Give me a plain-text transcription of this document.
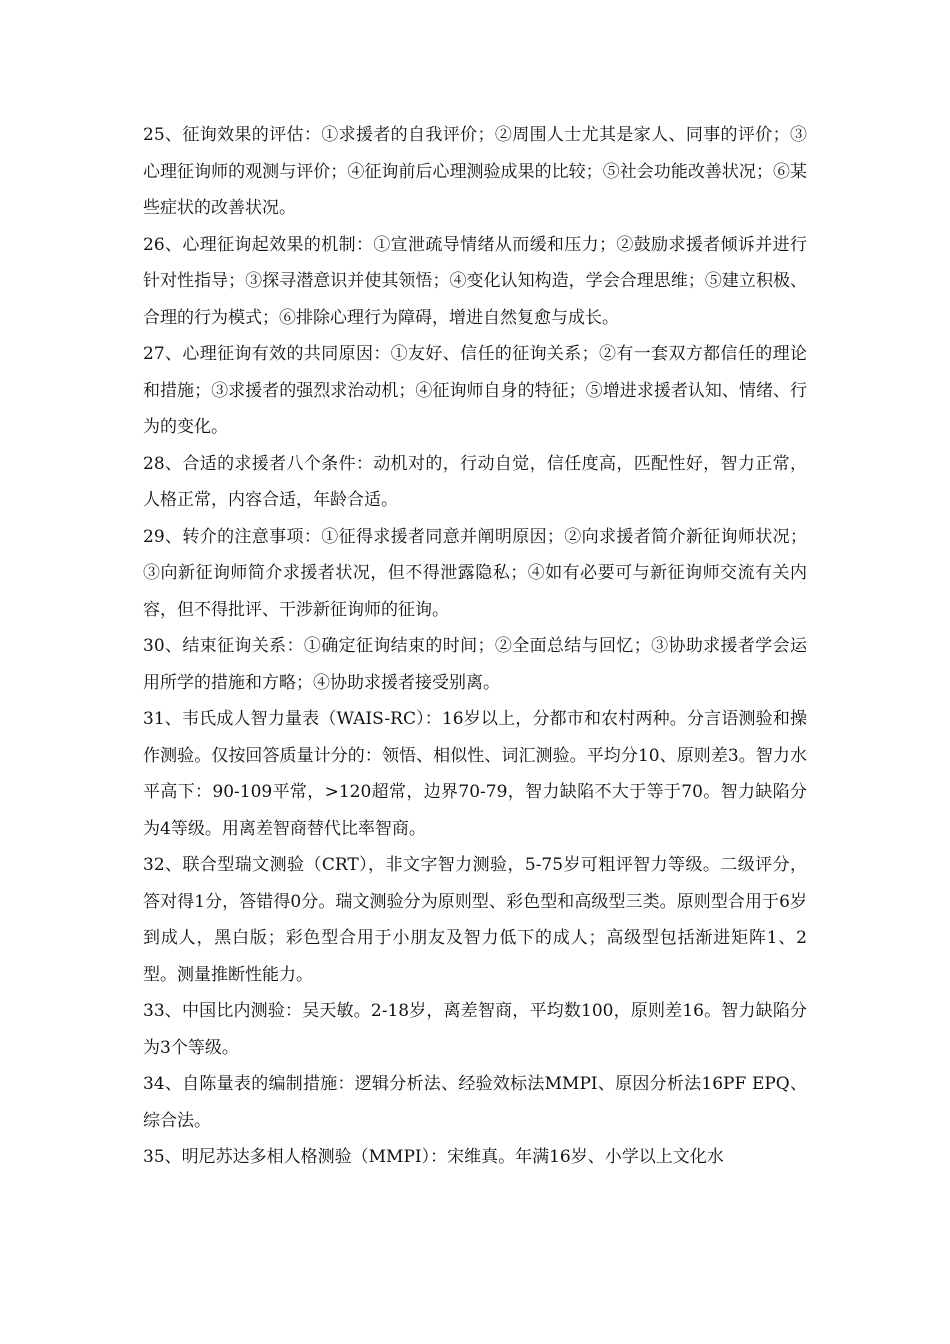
25、征询效果的评估：①求援者的自我评价；②周围人士尤其是家人、同事的评价；③心理征询师的观测与评价；④征询前后心理测验成果的比较；⑤社会功能改善状况；⑥某些症状的改善状况。

26、心理征询起效果的机制：①宣泄疏导情绪从而缓和压力；②鼓励求援者倾诉并进行针对性指导；③探寻潜意识并使其领悟；④变化认知构造，学会合理思维；⑤建立积极、合理的行为模式；⑥排除心理行为障碍，增进自然复愈与成长。

27、心理征询有效的共同原因：①友好、信任的征询关系；②有一套双方都信任的理论和措施；③求援者的强烈求治动机；④征询师自身的特征；⑤增进求援者认知、情绪、行为的变化。

28、合适的求援者八个条件：动机对的，行动自觉，信任度高，匹配性好，智力正常，人格正常，内容合适，年龄合适。

29、转介的注意事项：①征得求援者同意并阐明原因；②向求援者简介新征询师状况；③向新征询师简介求援者状况，但不得泄露隐私；④如有必要可与新征询师交流有关内容，但不得批评、干涉新征询师的征询。

30、结束征询关系：①确定征询结束的时间；②全面总结与回忆；③协助求援者学会运用所学的措施和方略；④协助求援者接受别离。

31、韦氏成人智力量表（WAIS-RC）：16岁以上，分都市和农村两种。分言语测验和操作测验。仅按回答质量计分的：领悟、相似性、词汇测验。平均分10、原则差3。智力水平高下：90-109平常，>120超常，边界70-79，智力缺陷不大于等于70。智力缺陷分为4等级。用离差智商替代比率智商。

32、联合型瑞文测验（CRT），非文字智力测验，5-75岁可粗评智力等级。二级评分，答对得1分，答错得0分。瑞文测验分为原则型、彩色型和高级型三类。原则型合用于6岁到成人，黑白版；彩色型合用于小朋友及智力低下的成人；高级型包括渐进矩阵1、2型。测量推断性能力。

33、中国比内测验：吴天敏。2-18岁，离差智商，平均数100，原则差16。智力缺陷分为3个等级。

34、自陈量表的编制措施：逻辑分析法、经验效标法MMPI、原因分析法16PF EPQ、综合法。

35、明尼苏达多相人格测验（MMPI）：宋维真。年满16岁、小学以上文化水
